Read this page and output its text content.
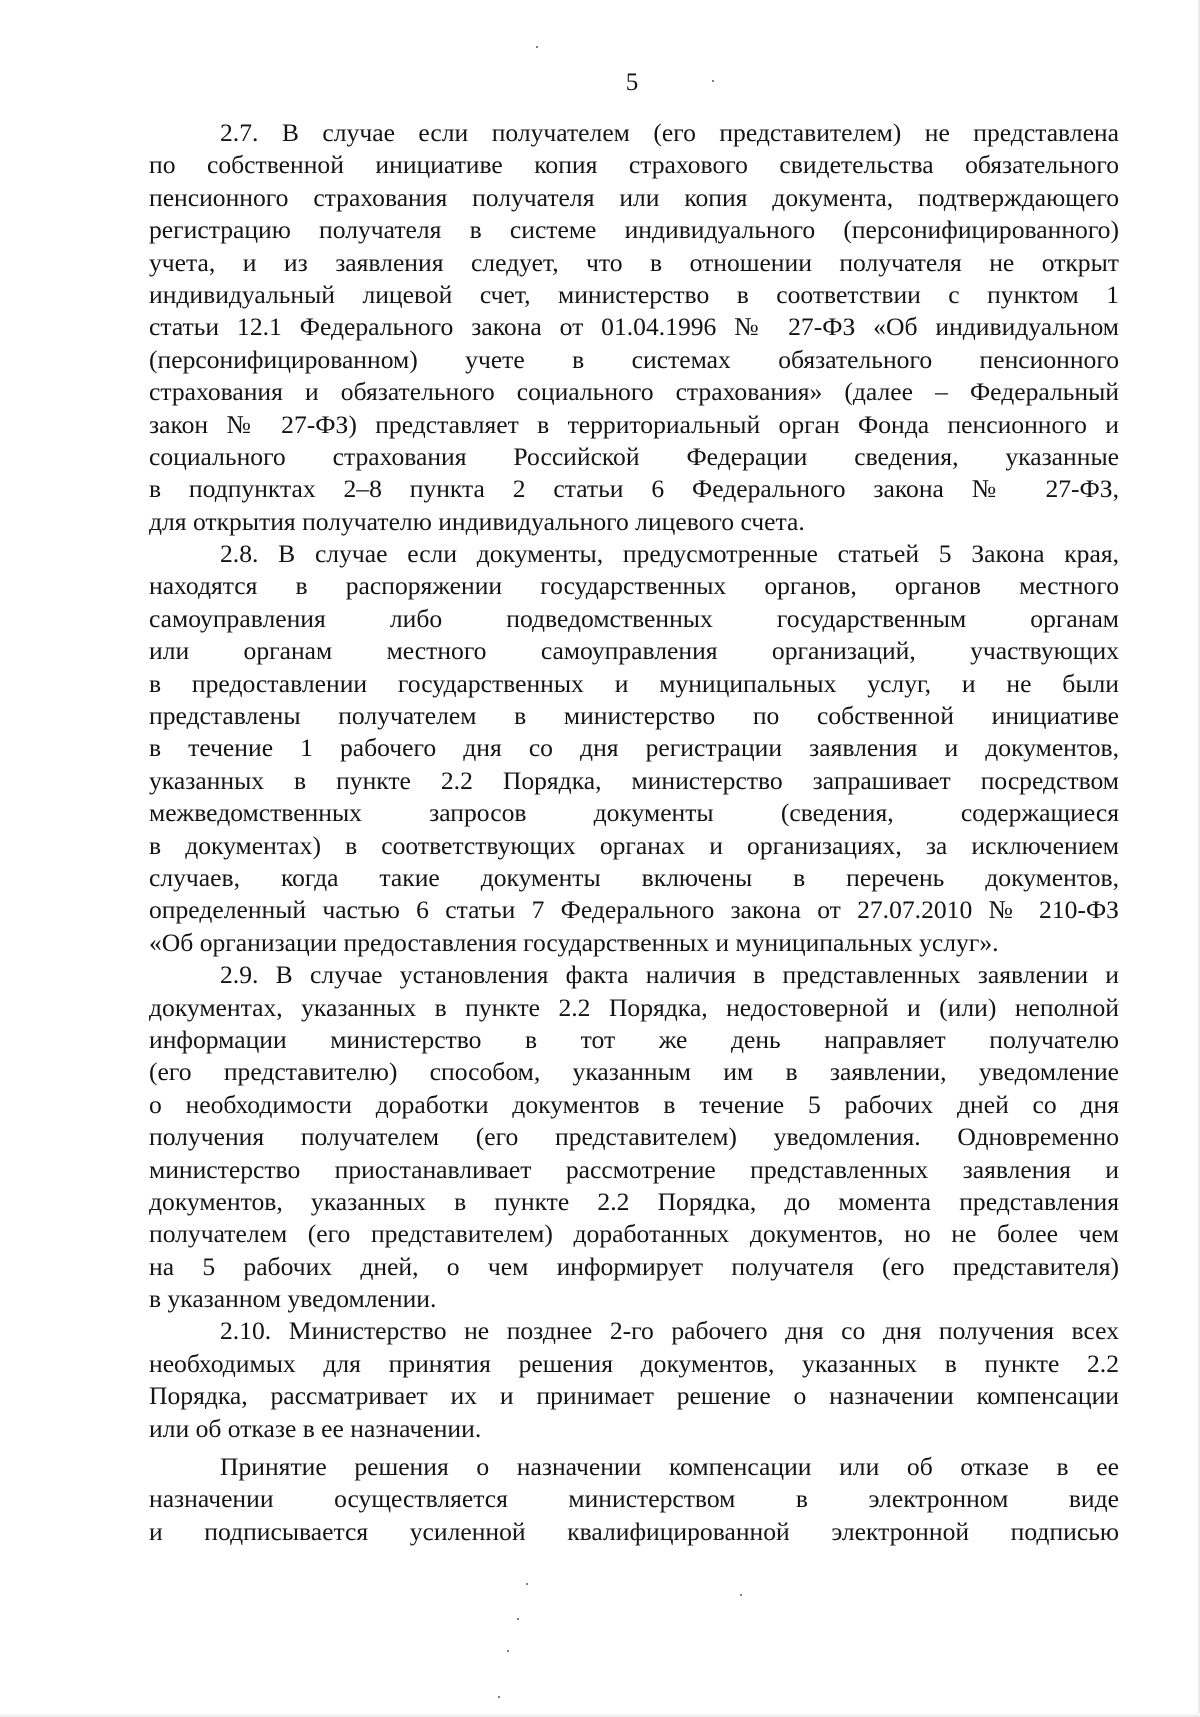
5
2.7. В случае если получателем (его представителем) не представлена
по собственной инициативе копия страхового свидетельства обязательного
пенсионного страхования получателя или копия документа, подтверждающего
регистрацию получателя в системе индивидуального (персонифицированного)
учета, и из заявления следует, что в отношении получателя не открыт
индивидуальный лицевой счет, министерство в соответствии с пунктом 1
статьи 12.1 Федерального закона от 01.04.1996 № 27-ФЗ «Об индивидуальном
(персонифицированном) учете в системах обязательного пенсионного
страхования и обязательного социального страхования» (далее – Федеральный
закон № 27-ФЗ) представляет в территориальный орган Фонда пенсионного и
социального страхования Российской Федерации сведения, указанные
в подпунктах 2–8 пункта 2 статьи 6 Федерального закона № 27-ФЗ,
для открытия получателю индивидуального лицевого счета.
2.8. В случае если документы, предусмотренные статьей 5 Закона края,
находятся в распоряжении государственных органов, органов местного
самоуправления либо подведомственных государственным органам
или органам местного самоуправления организаций, участвующих
в предоставлении государственных и муниципальных услуг, и не были
представлены получателем в министерство по собственной инициативе
в течение 1 рабочего дня со дня регистрации заявления и документов,
указанных в пункте 2.2 Порядка, министерство запрашивает посредством
межведомственных запросов документы (сведения, содержащиеся
в документах) в соответствующих органах и организациях, за исключением
случаев, когда такие документы включены в перечень документов,
определенный частью 6 статьи 7 Федерального закона от 27.07.2010 № 210-ФЗ
«Об организации предоставления государственных и муниципальных услуг».
2.9. В случае установления факта наличия в представленных заявлении и
документах, указанных в пункте 2.2 Порядка, недостоверной и (или) неполной
информации министерство в тот же день направляет получателю
(его представителю) способом, указанным им в заявлении, уведомление
о необходимости доработки документов в течение 5 рабочих дней со дня
получения получателем (его представителем) уведомления. Одновременно
министерство приостанавливает рассмотрение представленных заявления и
документов, указанных в пункте 2.2 Порядка, до момента представления
получателем (его представителем) доработанных документов, но не более чем
на 5 рабочих дней, о чем информирует получателя (его представителя)
в указанном уведомлении.
2.10. Министерство не позднее 2-го рабочего дня со дня получения всех
необходимых для принятия решения документов, указанных в пункте 2.2
Порядка, рассматривает их и принимает решение о назначении компенсации
или об отказе в ее назначении.
Принятие решения о назначении компенсации или об отказе в ее
назначении осуществляется министерством в электронном виде
и подписывается усиленной квалифицированной электронной подписью
